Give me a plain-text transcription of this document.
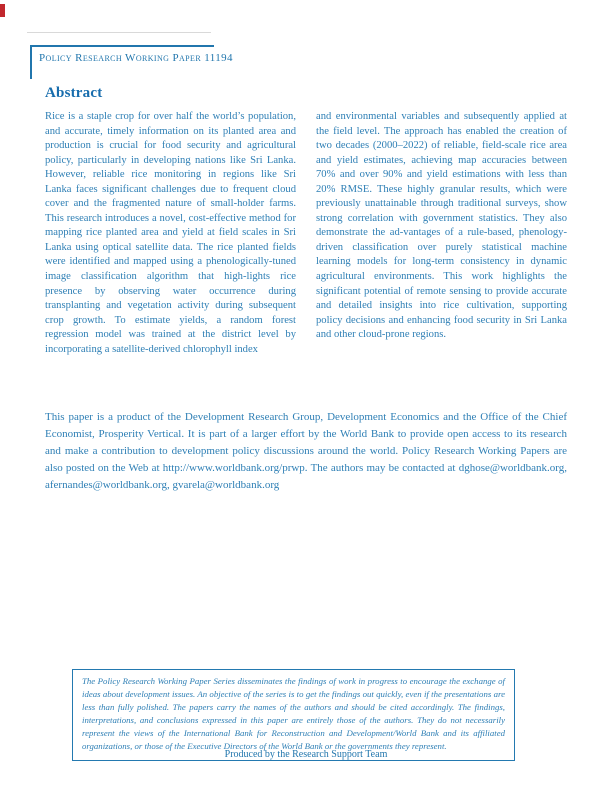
Policy Research Working Paper 11194
Abstract
Rice is a staple crop for over half the world’s population, and accurate, timely information on its planted area and production is crucial for food security and agricultural policy, particularly in developing nations like Sri Lanka. However, reliable rice monitoring in regions like Sri Lanka faces significant challenges due to frequent cloud cover and the fragmented nature of small-holder farms. This research introduces a novel, cost-effective method for mapping rice planted area and yield at field scales in Sri Lanka using optical satellite data. The rice planted fields were identified and mapped using a phenologically-tuned image classification algorithm that high-lights rice presence by observing water occurrence during transplanting and vegetation activity during subsequent crop growth. To estimate yields, a random forest regression model was trained at the district level by incorporating a satellite-derived chlorophyll index
and environmental variables and subsequently applied at the field level. The approach has enabled the creation of two decades (2000–2022) of reliable, field-scale rice area and yield estimates, achieving map accuracies between 70% and over 90% and yield estimations with less than 20% RMSE. These highly granular results, which were previously unattainable through traditional surveys, show strong correlation with government statistics. They also demonstrate the ad-vantages of a rule-based, phenology-driven classification over purely statistical machine learning models for long-term consistency in dynamic agricultural environments. This work highlights the significant potential of remote sensing to provide accurate and detailed insights into rice cultivation, supporting policy decisions and enhancing food security in Sri Lanka and other cloud-prone regions.
This paper is a product of the Development Research Group, Development Economics and the Office of the Chief Economist, Prosperity Vertical. It is part of a larger effort by the World Bank to provide open access to its research and make a contribution to development policy discussions around the world. Policy Research Working Papers are also posted on the Web at http://www.worldbank.org/prwp. The authors may be contacted at dghose@worldbank.org, afernandes@worldbank.org, gvarela@worldbank.org
The Policy Research Working Paper Series disseminates the findings of work in progress to encourage the exchange of ideas about development issues. An objective of the series is to get the findings out quickly, even if the presentations are less than fully polished. The papers carry the names of the authors and should be cited accordingly. The findings, interpretations, and conclusions expressed in this paper are entirely those of the authors. They do not necessarily represent the views of the International Bank for Reconstruction and Development/World Bank and its affiliated organizations, or those of the Executive Directors of the World Bank or the governments they represent.
Produced by the Research Support Team
